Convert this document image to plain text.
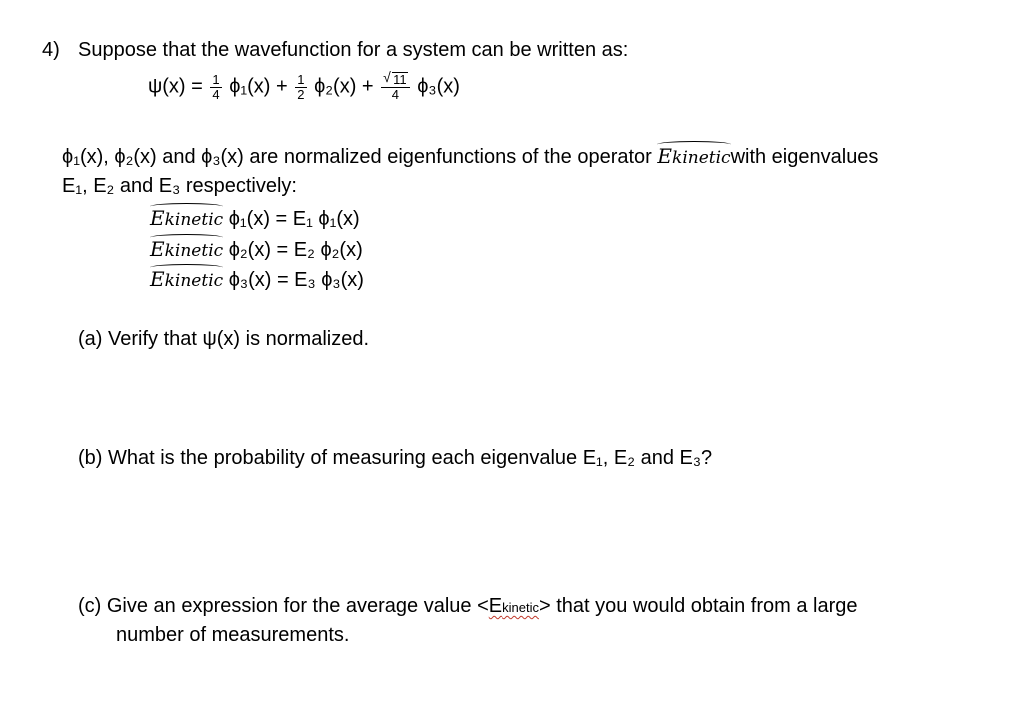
4) Suppose that the wavefunction for a system can be written as:
$\psi(x) = \frac{1}{4} \phi_1(x) + \frac{1}{2} \phi_2(x) + \frac{√ 11}{4} \phi_3(x)$
ϕ₁(x), ϕ₂(x) and ϕ₃(x) are normalized eigenfunctions of the operator Ekineticwith eigenvalues
E₁, E₂ and E₃ respectively:
Ekinetic ϕ₁(x) = E₁ ϕ₁(x)
Ekinetic ϕ₂(x) = E₂ ϕ₂(x)
Ekinetic ϕ₃(x) = E₃ ϕ₃(x)
(a) Verify that ψ(x) is normalized.
(b) What is the probability of measuring each eigenvalue E₁, E₂ and E₃?
(c) Give an expression for the average value <Ekinetic> that you would obtain from a large
number of measurements.
